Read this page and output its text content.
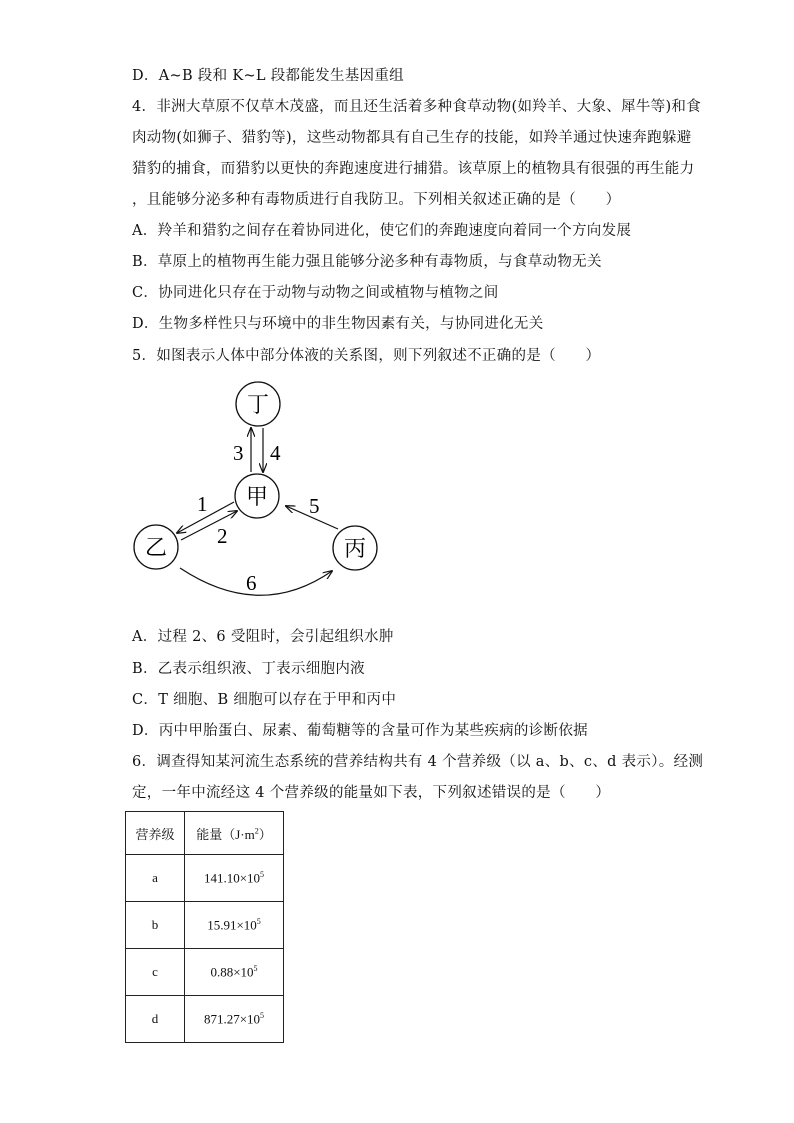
D．A~B 段和 K~L 段都能发生基因重组
4．非洲大草原不仅草木茂盛，而且还生活着多种食草动物(如羚羊、大象、犀牛等)和食
肉动物(如狮子、猎豹等)，这些动物都具有自己生存的技能，如羚羊通过快速奔跑躲避
猎豹的捕食，而猎豹以更快的奔跑速度进行捕猎。该草原上的植物具有很强的再生能力
，且能够分泌多种有毒物质进行自我防卫。下列相关叙述正确的是（　　）
A．羚羊和猎豹之间存在着协同进化，使它们的奔跑速度向着同一个方向发展
B．草原上的植物再生能力强且能够分泌多种有毒物质，与食草动物无关
C．协同进化只存在于动物与动物之间或植物与植物之间
D．生物多样性只与环境中的非生物因素有关，与协同进化无关
5．如图表示人体中部分体液的关系图，则下列叙述不正确的是（　　）
丁
甲
乙	丙
3 4
1
2
5
6
A．过程 2、6 受阻时，会引起组织水肿
B．乙表示组织液、丁表示细胞内液
C．T 细胞、B 细胞可以存在于甲和丙中
D．丙中甲胎蛋白、尿素、葡萄糖等的含量可作为某些疾病的诊断依据
6．调查得知某河流生态系统的营养结构共有 4 个营养级（以 a、b、c、d 表示）。经测
定，一年中流经这 4 个营养级的能量如下表，下列叙述错误的是（　　）
营养级	能量$(J\cdot m^2)$
a	$141.10\times 10^5$
b	$15.91\times 10^5$
c	$0.88\times 10^5$
d	$871.27\times 10^5$
